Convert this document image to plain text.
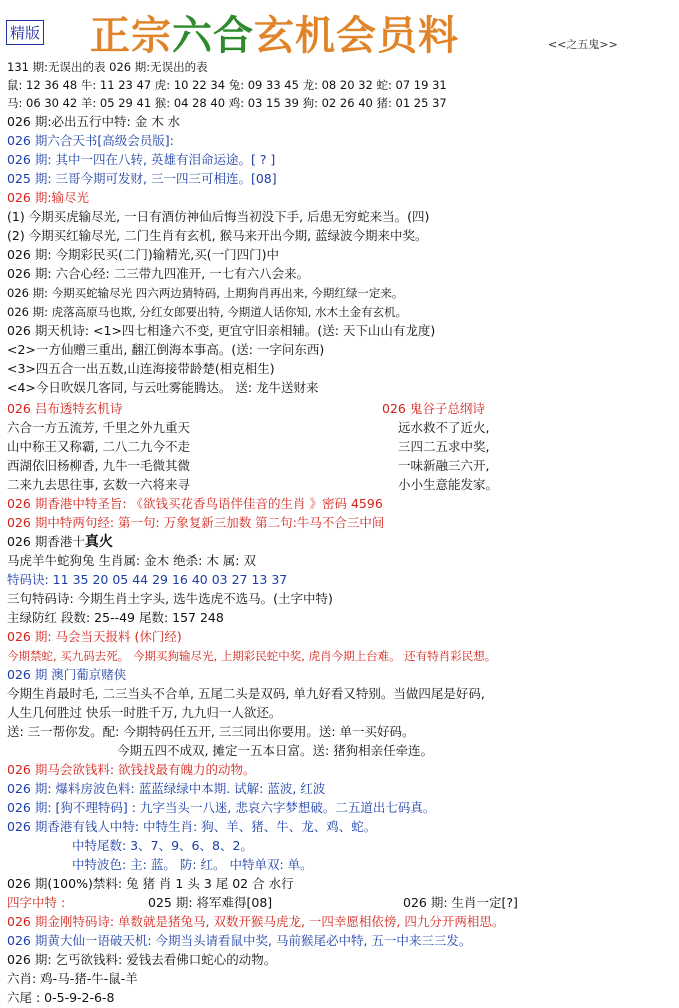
精版 正宗六合玄机会员料	<<之五鬼>>
131 期:无误出的表 026 期:无误出的表
鼠: 12 36 48 牛: 11 23 47 虎: 10 22 34 兔: 09 33 45 龙: 08 20 32 蛇: 07 19 31
马: 06 30 42 羊: 05 29 41 猴: 04 28 40 鸡: 03 15 39 狗: 02 26 40 猪: 01 25 37
026 期:必出五行中特: 金 木 水
026 期六合天书[高级会员版]:
026 期: 其中一四在八转, 英雄有泪命运途。[ ? ]
025 期: 三哥今期可发财, 三一四三可相连。[08]
026 期:输尽光
(1) 今期买虎输尽光, 一日有酒仿神仙后悔当初没下手, 后患无穷蛇来当。(四)
(2) 今期买红输尽光, 二门生肖有玄机, 猴马来开出今期, 蓝绿波今期来中奖。
026 期: 今期彩民买(二门)输精光,买(一门四门)中
026 期: 六合心经: 二三带九四准开, 一七有六八会来。
026 期: 今期买蛇输尽光 四六两边猜特码, 上期狗肖再出来, 今期红绿一定来。
026 期: 虎落高原马也欺, 分红女郎要出特, 今期道人话你知, 水木土金有玄机。
026 期天机诗: <1>四七相逢六不变, 更宜守旧亲相辅。(送: 天下山山有龙度)
<2>一方仙赠三重出, 翻江倒海本事高。(送: 一字问东西)
<3>四五合一出五数,山连海接带龄楚(相克相生)
<4>今日吹娱几客同, 与云吐雾能腾达。 送: 龙牛送财来
026 吕布透特玄机诗	026 鬼谷子总纲诗
六合一方五流芳, 千里之外九重天	远水救不了近火,
山中称王又称霸, 二八二九今不走	三四二五求中奖,
西湖依旧杨柳香, 九牛一毛微其微	一味新融三六开,
二来九去思往事, 玄数一六将来寻	小小生意能发家。
026 期香港中特圣旨: 《欲钱买花香鸟语伴佳音的生肖 》密码 4596
026 期中特两句经: 第一句: 万象复新三加数 第二句:牛马不合三中间
026 期香港十真火
马虎羊牛蛇狗兔 生肖属: 金木 绝杀: 木 属: 双
特码诀: 11 35 20 05 44 29 16 40 03 27 13 37
三句特码诗: 今期生肖土字头, 选牛选虎不选马。(土字中特)
主绿防红 段数: 25--49 尾数: 157 248
026 期: 马会当天报料 (休门经)
今期禁蛇, 买九码去死。 今期买狗输尽光, 上期彩民蛇中奖, 虎肖今期上台难。 还有特肖彩民想。
026 期 澳门葡京赌侠
今期生肖最时毛, 二三当头不合单, 五尾二头是双码, 单九好看又特别。当做四尾是好码,
人生几何胜过 快乐一时胜千万, 九九归一人欲还。
送: 三一帮你发。配: 今期特码任五开, 三三同出你要用。送: 单一买好码。
今期五四不成双, 摊定一五本日富。送: 猪狗相亲任牵连。
026 期马会欲钱料: 欲钱找最有魄力的动物。
026 期: 爆料房波色料: 蓝蓝绿绿中本期. 试解: 蓝波, 红波
026 期: [狗不理特码] : 九字当头一八迷, 悲哀六字梦想破。二五道出七码真。
026 期香港有钱人中特: 中特生肖: 狗、羊、猪、牛、龙、鸡、蛇。
中特尾数: 3、7、9、6、8、2。
中特波色: 主: 蓝。 防: 红。 中特单双: 单。
026 期(100%)禁料: 兔 猪 肖 1 头 3 尾 02 合 水行
四字中特 :	025 期: 将军难得[08]	026 期: 生肖一定[?]
026 期金刚特码诗: 单数就是猪兔马, 双数开猴马虎龙, 一四幸愿相依傍, 四九分开两相思。
026 期黄大仙一语破天机: 今期当头请看鼠中奖, 马前猴尾必中特, 五一中来三三发。
026 期: 乞丐欲钱料: 爱钱去看佛口蛇心的动物。
六肖: 鸡-马-猪-牛-鼠-羊
六尾 : 0-5-9-2-6-8
